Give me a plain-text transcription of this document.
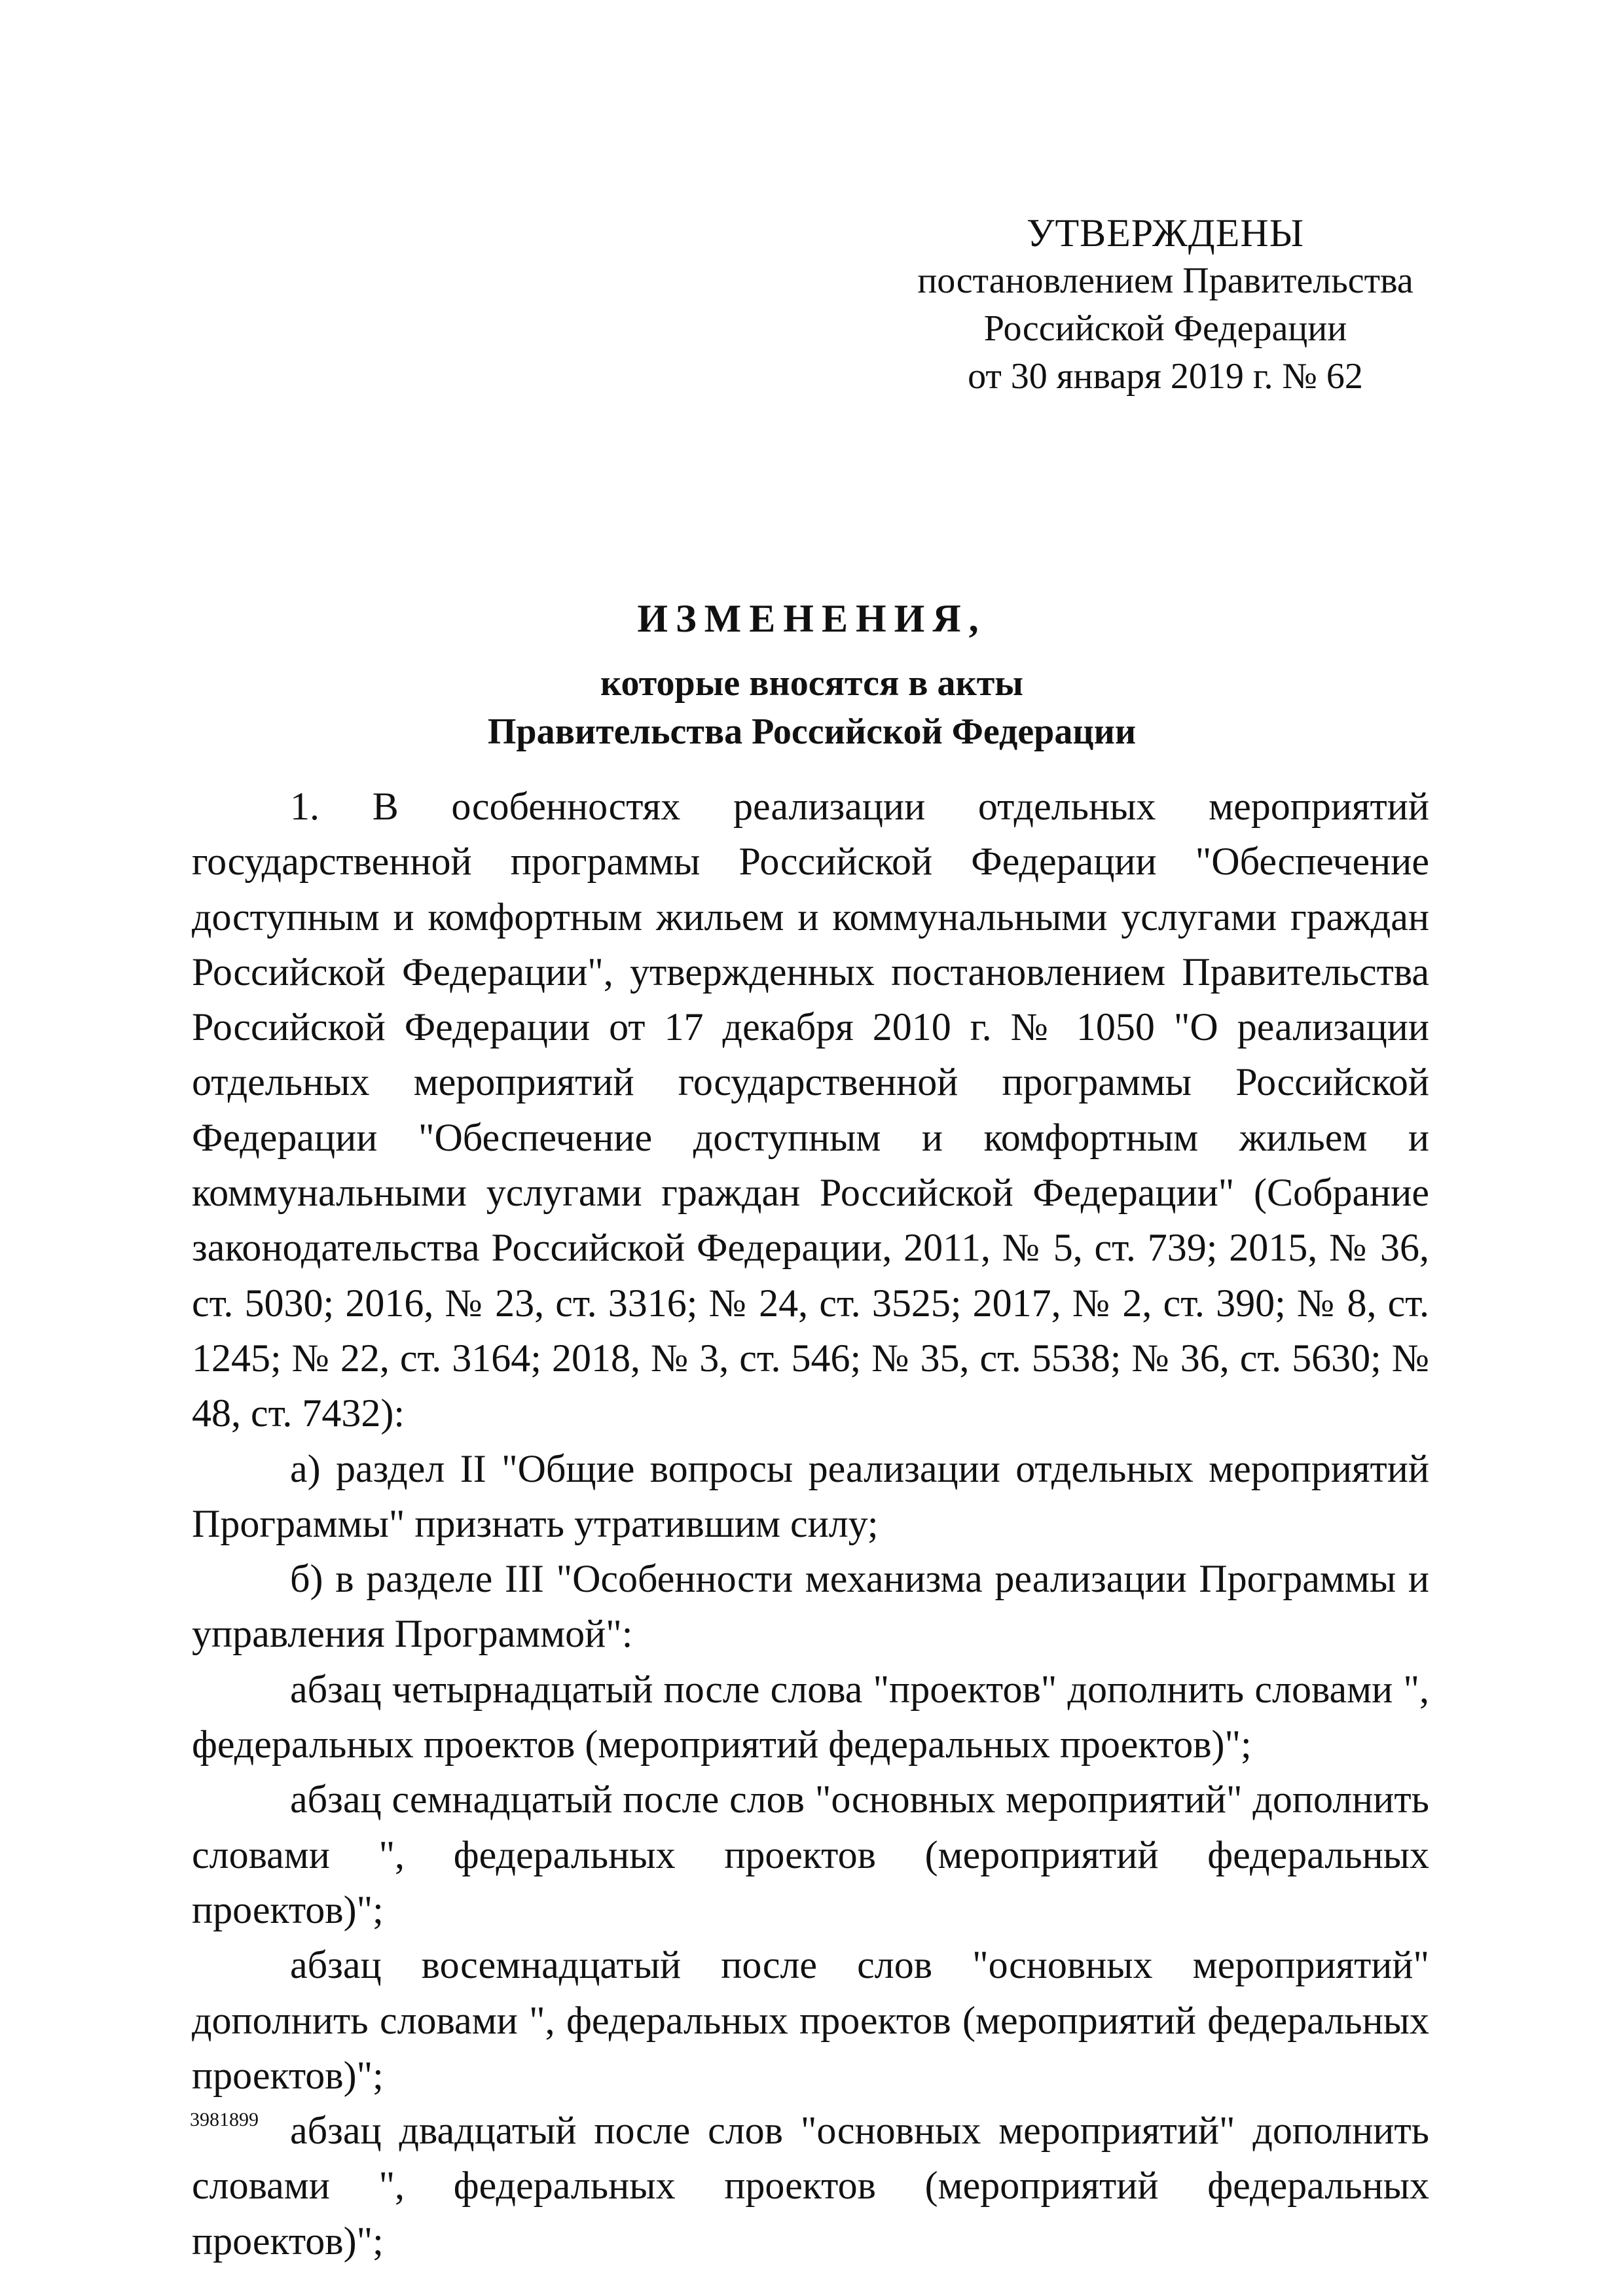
УТВЕРЖДЕНЫ
постановлением Правительства
Российской Федерации
от 30 января 2019 г. № 62
ИЗМЕНЕНИЯ,
которые вносятся в акты
Правительства Российской Федерации

1. В особенностях реализации отдельных мероприятий государственной программы Российской Федерации "Обеспечение доступным и комфортным жильем и коммунальными услугами граждан Российской Федерации", утвержденных постановлением Правительства Российской Федерации от 17 декабря 2010 г. № 1050 "О реализации отдельных мероприятий государственной программы Российской Федерации "Обеспечение доступным и комфортным жильем и коммунальными услугами граждан Российской Федерации" (Собрание законодательства Российской Федерации, 2011, № 5, ст. 739; 2015, № 36, ст. 5030; 2016, № 23, ст. 3316; № 24, ст. 3525; 2017, № 2, ст. 390; № 8, ст. 1245; № 22, ст. 3164; 2018, № 3, ст. 546; № 35, ст. 5538; № 36, ст. 5630; № 48, ст. 7432):

а) раздел II "Общие вопросы реализации отдельных мероприятий Программы" признать утратившим силу;

б) в разделе III "Особенности механизма реализации Программы и управления Программой":

абзац четырнадцатый после слова "проектов" дополнить словами ", федеральных проектов (мероприятий федеральных проектов)";

абзац семнадцатый после слов "основных мероприятий" дополнить словами ", федеральных проектов (мероприятий федеральных проектов)";

абзац восемнадцатый после слов "основных мероприятий" дополнить словами ", федеральных проектов (мероприятий федеральных проектов)";

абзац двадцатый после слов "основных мероприятий" дополнить словами ", федеральных проектов (мероприятий федеральных проектов)";

3981899
